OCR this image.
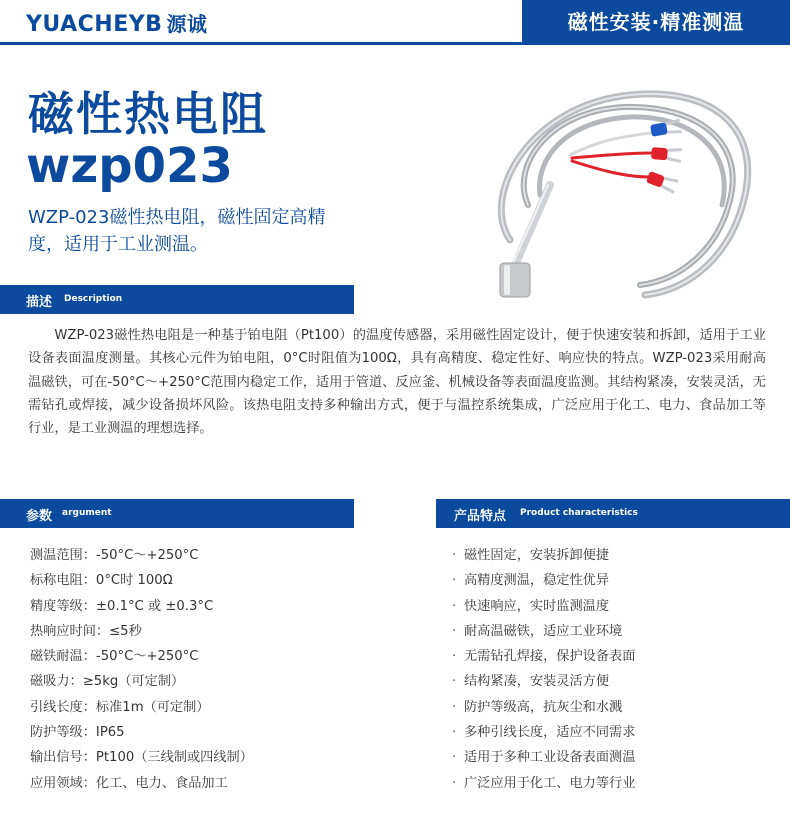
YUACHEYB 源诚	磁性安装·精准测温
磁性热电阻
wzp023
WZP-023磁性热电阻，磁性固定高精度，适用于工业测温。
描述 Description

WZP-023磁性热电阻是一种基于铂电阻（Pt100）的温度传感器，采用磁性固定设计，便于快速安装和拆卸，适用于工业设备表面温度测量。其核心元件为铂电阻，0°C时阻值为100Ω，具有高精度、稳定性好、响应快的特点。WZP-023采用耐高温磁铁，可在-50°C～+250°C范围内稳定工作，适用于管道、反应釜、机械设备等表面温度监测。其结构紧凑，安装灵活，无需钻孔或焊接，减少设备损坏风险。该热电阻支持多种输出方式，便于与温控系统集成，广泛应用于化工、电力、食品加工等行业，是工业测温的理想选择。

参数 argument
测温范围：-50°C～+250°C
标称电阻：0°C时 100Ω
精度等级：±0.1°C 或 ±0.3°C
热响应时间：≤5秒
磁铁耐温：-50°C～+250°C
磁吸力：≥5kg（可定制）
引线长度：标准1m（可定制）
防护等级：IP65
输出信号：Pt100（三线制或四线制）
应用领域：化工、电力、食品加工
产品特点 Product characteristics
· 磁性固定，安装拆卸便捷
· 高精度测温，稳定性优异
· 快速响应，实时监测温度
· 耐高温磁铁，适应工业环境
· 无需钻孔焊接，保护设备表面
· 结构紧凑，安装灵活方便
· 防护等级高，抗灰尘和水溅
· 多种引线长度，适应不同需求
· 适用于多种工业设备表面测温
· 广泛应用于化工、电力等行业
